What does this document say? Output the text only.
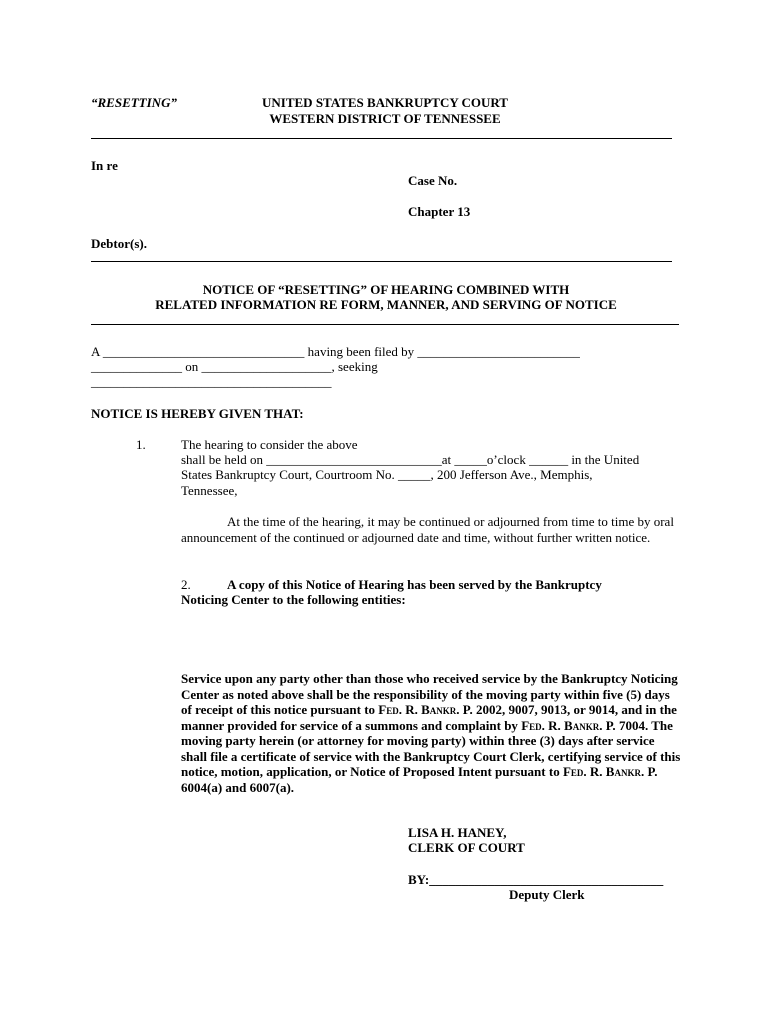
“RESETTING”	UNITED STATES BANKRUPTCY COURT
WESTERN DISTRICT OF TENNESSEE
In re
Case No.
Chapter 13
Debtor(s).
NOTICE OF “RESETTING” OF HEARING COMBINED WITH
RELATED INFORMATION RE FORM, MANNER, AND SERVING OF NOTICE
A _______________________________ having been filed by _________________________
______________ on ____________________, seeking
_____________________________________
NOTICE IS HEREBY GIVEN THAT:
1.	The hearing to consider the above
shall be held on ___________________________at _____o’clock ______ in the United
States Bankruptcy Court, Courtroom No. _____, 200 Jefferson Ave., Memphis,
Tennessee,
At the time of the hearing, it may be continued or adjourned from time to time by oral announcement of the continued or adjourned date and time, without further written notice.
2.	A copy of this Notice of Hearing has been served by the Bankruptcy
Noticing Center to the following entities:
Service upon any party other than those who received service by the Bankruptcy Noticing Center as noted above shall be the responsibility of the moving party within five (5) days of receipt of this notice pursuant to Fed. R. Bankr. P. 2002, 9007, 9013, or 9014, and in the manner provided for service of a summons and complaint by Fed. R. Bankr. P. 7004. The moving party herein (or attorney for moving party) within three (3) days after service shall file a certificate of service with the Bankruptcy Court Clerk, certifying service of this notice, motion, application, or Notice of Proposed Intent pursuant to Fed. R. Bankr. P. 6004(a) and 6007(a).
LISA H. HANEY,
CLERK OF COURT
BY:____________________________________
Deputy Clerk
